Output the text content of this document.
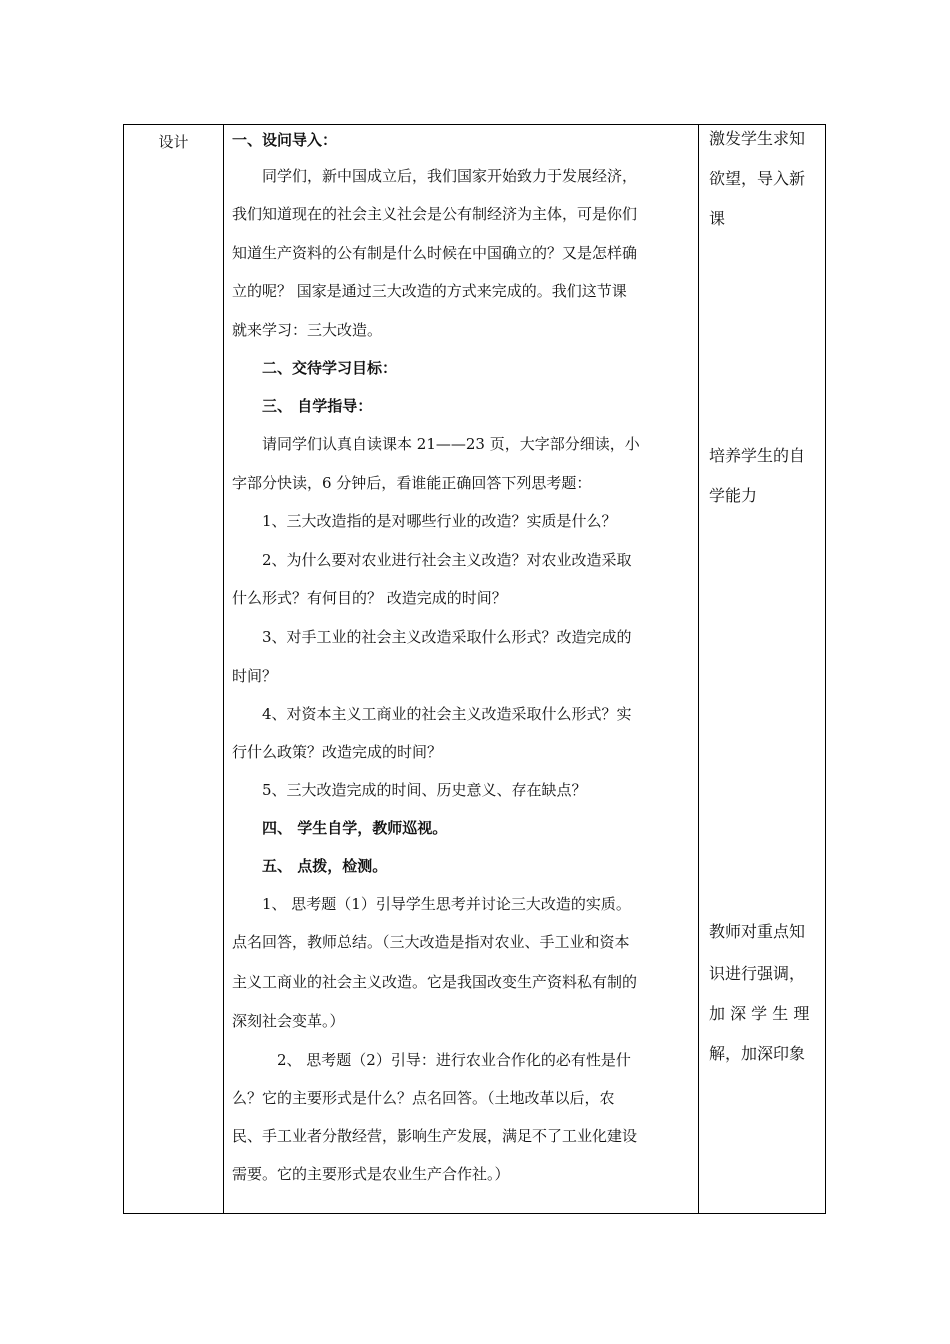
设计	一、设问导入：
同学们，新中国成立后，我们国家开始致力于发展经济，
我们知道现在的社会主义社会是公有制经济为主体，可是你们
知道生产资料的公有制是什么时候在中国确立的？又是怎样确
立的呢？ 国家是通过三大改造的方式来完成的。我们这节课
就来学习：三大改造。
二、交待学习目标：
三、 自学指导：
请同学们认真自读课本 21——23 页，大字部分细读，小
字部分快读，6 分钟后，看谁能正确回答下列思考题：
1、三大改造指的是对哪些行业的改造？实质是什么？
2、为什么要对农业进行社会主义改造？对农业改造采取
什么形式？有何目的？ 改造完成的时间？
3、对手工业的社会主义改造采取什么形式？改造完成的
时间？
4、对资本主义工商业的社会主义改造采取什么形式？实
行什么政策？改造完成的时间？
5、三大改造完成的时间、历史意义、存在缺点？
四、 学生自学，教师巡视。
五、 点拨，检测。
1、 思考题（1）引导学生思考并讨论三大改造的实质。
点名回答，教师总结。（三大改造是指对农业、手工业和资本
主义工商业的社会主义改造。它是我国改变生产资料私有制的
深刻社会变革。）
2、 思考题（2）引导：进行农业合作化的必有性是什
么？它的主要形式是什么？点名回答。（土地改革以后，农
民、手工业者分散经营，影响生产发展，满足不了工业化建设
需要。它的主要形式是农业生产合作社。）
激发学生求知
欲望，导入新
课
培养学生的自
学能力
教师对重点知
识进行强调，
加 深 学 生 理
解，加深印象
